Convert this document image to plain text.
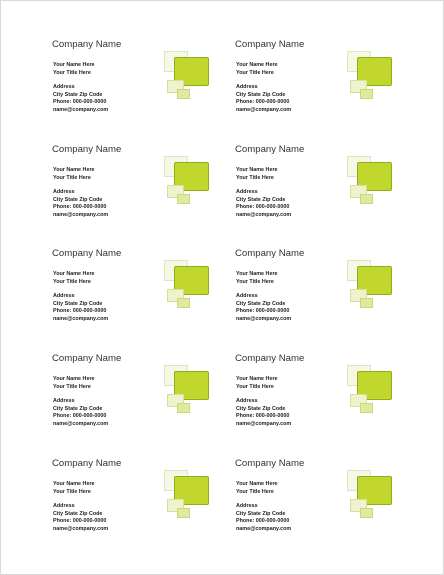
Company Name
Your Name Here
Your Title Here
Address
City State Zip Code
Phone: 000-000-0000
name@company.com
Company Name
Your Name Here
Your Title Here
Address
City State Zip Code
Phone: 000-000-0000
name@company.com
Company Name
Your Name Here
Your Title Here
Address
City State Zip Code
Phone: 000-000-0000
name@company.com
Company Name
Your Name Here
Your Title Here
Address
City State Zip Code
Phone: 000-000-0000
name@company.com
Company Name
Your Name Here
Your Title Here
Address
City State Zip Code
Phone: 000-000-0000
name@company.com
Company Name
Your Name Here
Your Title Here
Address
City State Zip Code
Phone: 000-000-0000
name@company.com
Company Name
Your Name Here
Your Title Here
Address
City State Zip Code
Phone: 000-000-0000
name@company.com
Company Name
Your Name Here
Your Title Here
Address
City State Zip Code
Phone: 000-000-0000
name@company.com
Company Name
Your Name Here
Your Title Here
Address
City State Zip Code
Phone: 000-000-0000
name@company.com
Company Name
Your Name Here
Your Title Here
Address
City State Zip Code
Phone: 000-000-0000
name@company.com
